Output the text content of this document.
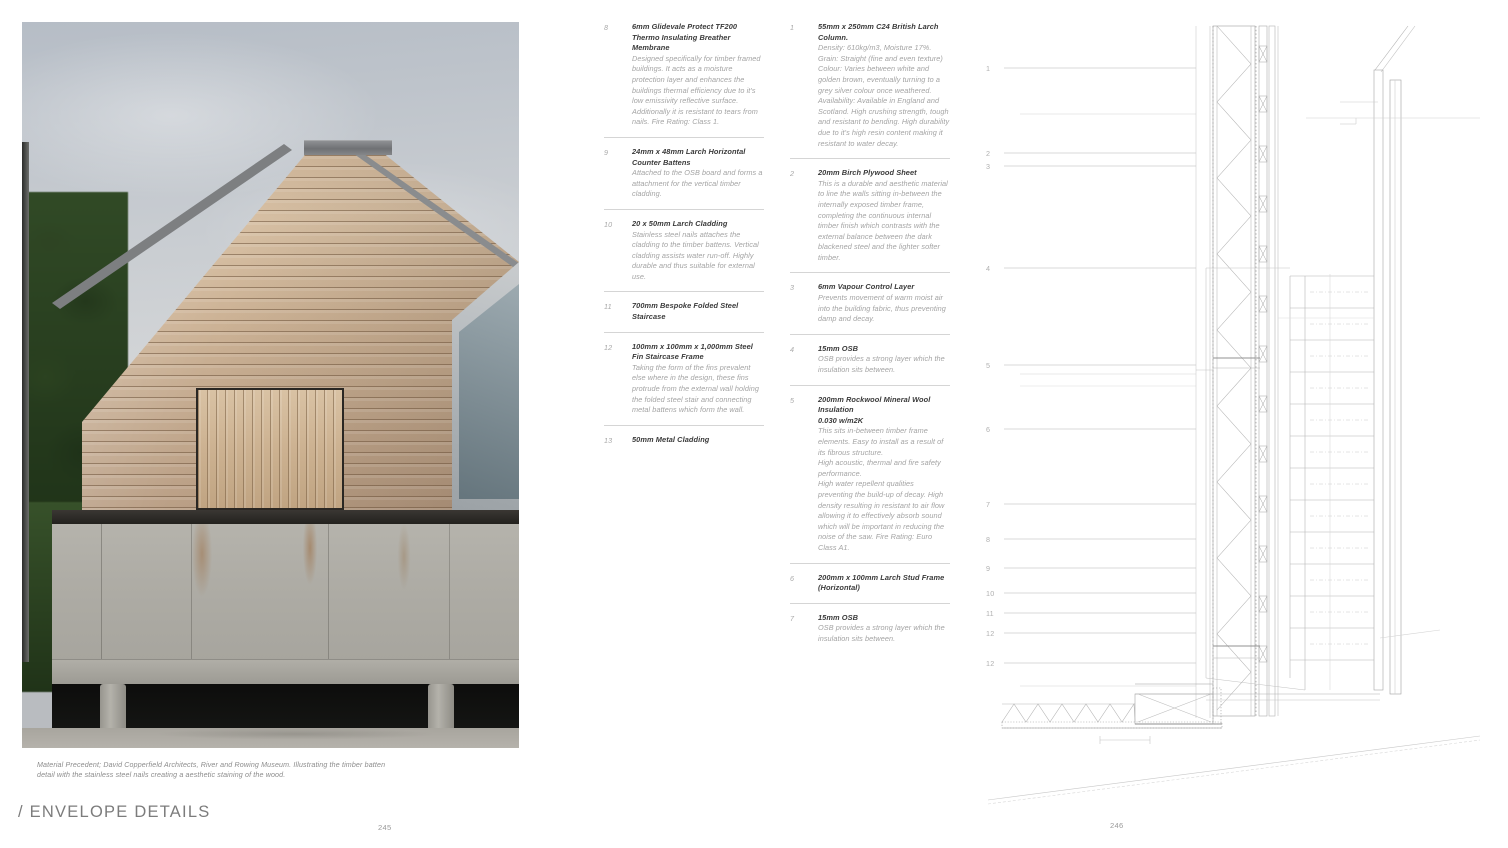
Material Precedent; David Copperfield Architects, River and Rowing Museum. Illustrating the timber batten detail with the stainless steel nails creating a aesthetic staining of the wood.
/ ENVELOPE DETAILS
245	246
8	6mm Glidevale Protect TF200 Thermo Insulating Breather Membrane

Designed specifically for timber framed buildings. It acts as a moisture protection layer and enhances the buildings thermal efficiency due to it's low emissivity reflective surface. Additionally it is resistant to tears from nails. Fire Rating: Class 1.

9	24mm x 48mm Larch Horizontal Counter Battens

Attached to the OSB board and forms a attachment for the vertical timber cladding.

10	20 x 50mm Larch Cladding

Stainless steel nails attaches the cladding to the timber battens. Vertical cladding assists water run-off. Highly durable and thus suitable for external use.

11	700mm Bespoke Folded Steel Staircase
12	100mm x 100mm x 1,000mm Steel Fin Staircase Frame

Taking the form of the fins prevalent else where in the design, these fins protrude from the external wall holding the folded steel stair and connecting metal battens which form the wall.

13	50mm Metal Cladding
1	55mm x 250mm C24 British Larch Column.

Density: 610kg/m3, Moisture 17%. Grain: Straight (fine and even texture) Colour: Varies between white and golden brown, eventually turning to a grey silver colour once weathered.

Availability: Available in England and Scotland. High crushing strength, tough and resistant to bending. High durability due to it's high resin content making it resistant to water decay.

2	20mm Birch Plywood Sheet

This is a durable and aesthetic material to line the walls sitting in-between the internally exposed timber frame, completing the continuous internal timber finish which contrasts with the external balance between the dark blackened steel and the lighter softer timber.

3	6mm Vapour Control Layer

Prevents movement of warm moist air into the building fabric, thus preventing damp and decay.

4	15mm OSB

OSB provides a strong layer which the insulation sits between.

5	200mm Rockwool Mineral Wool Insulation
0.030 w/m2K

This sits in-between timber frame elements. Easy to install as a result of its fibrous structure.

High acoustic, thermal and fire safety performance.

High water repellent qualities preventing the build-up of decay. High density resulting in resistant to air flow allowing it to effectively absorb sound which will be important in reducing the noise of the saw. Fire Rating: Euro Class A1.

6	200mm x 100mm Larch Stud Frame (Horizontal)
7	15mm OSB

OSB provides a strong layer which the insulation sits between.

1
2
3
4
5
6
7
8
9
10
11
12
12
